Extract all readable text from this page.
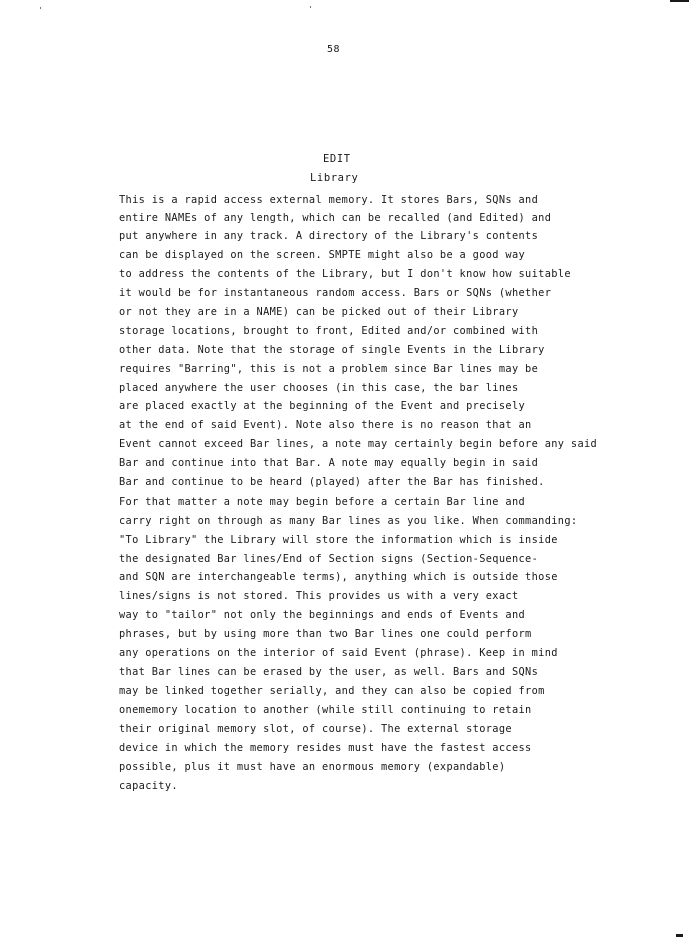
58
EDIT
Library
This is a rapid access external memory. It stores Bars, SQNs and
entire NAMEs of any length, which can be recalled (and Edited) and
put anywhere in any track. A directory of the Library's contents
can be displayed on the screen. SMPTE might also be a good way
to address the contents of the Library, but I don't know how suitable
it would be for instantaneous random access. Bars or SQNs (whether
or not they are in a NAME) can be picked out of their Library
storage locations, brought to front, Edited and/or combined with
other data. Note that the storage of single Events in the Library
requires "Barring", this is not a problem since Bar lines may be
placed anywhere the user chooses (in this case, the bar lines
are placed exactly at the beginning of the Event and precisely
at the end of said Event). Note also there is no reason that an
Event cannot exceed Bar lines, a note may certainly begin before any said
Bar and continue into that Bar. A note may equally begin in said
Bar and continue to be heard (played) after the Bar has finished.
For that matter a note may begin before a certain Bar line and
carry right on through as many Bar lines as you like. When commanding:
"To Library" the Library will store the information which is inside
the designated Bar lines/End of Section signs (Section-Sequence-
and SQN are interchangeable terms), anything which is outside those
lines/signs is not stored. This provides us with a very exact
way to "tailor" not only the beginnings and ends of Events and
phrases, but by using more than two Bar lines one could perform
any operations on the interior of said Event (phrase). Keep in mind
that Bar lines can be erased by the user, as well. Bars and SQNs
may be linked together serially, and they can also be copied from
onememory location to another (while still continuing to retain
their original memory slot, of course). The external storage
device in which the memory resides must have the fastest access
possible, plus it must have an enormous memory (expandable)
capacity.
